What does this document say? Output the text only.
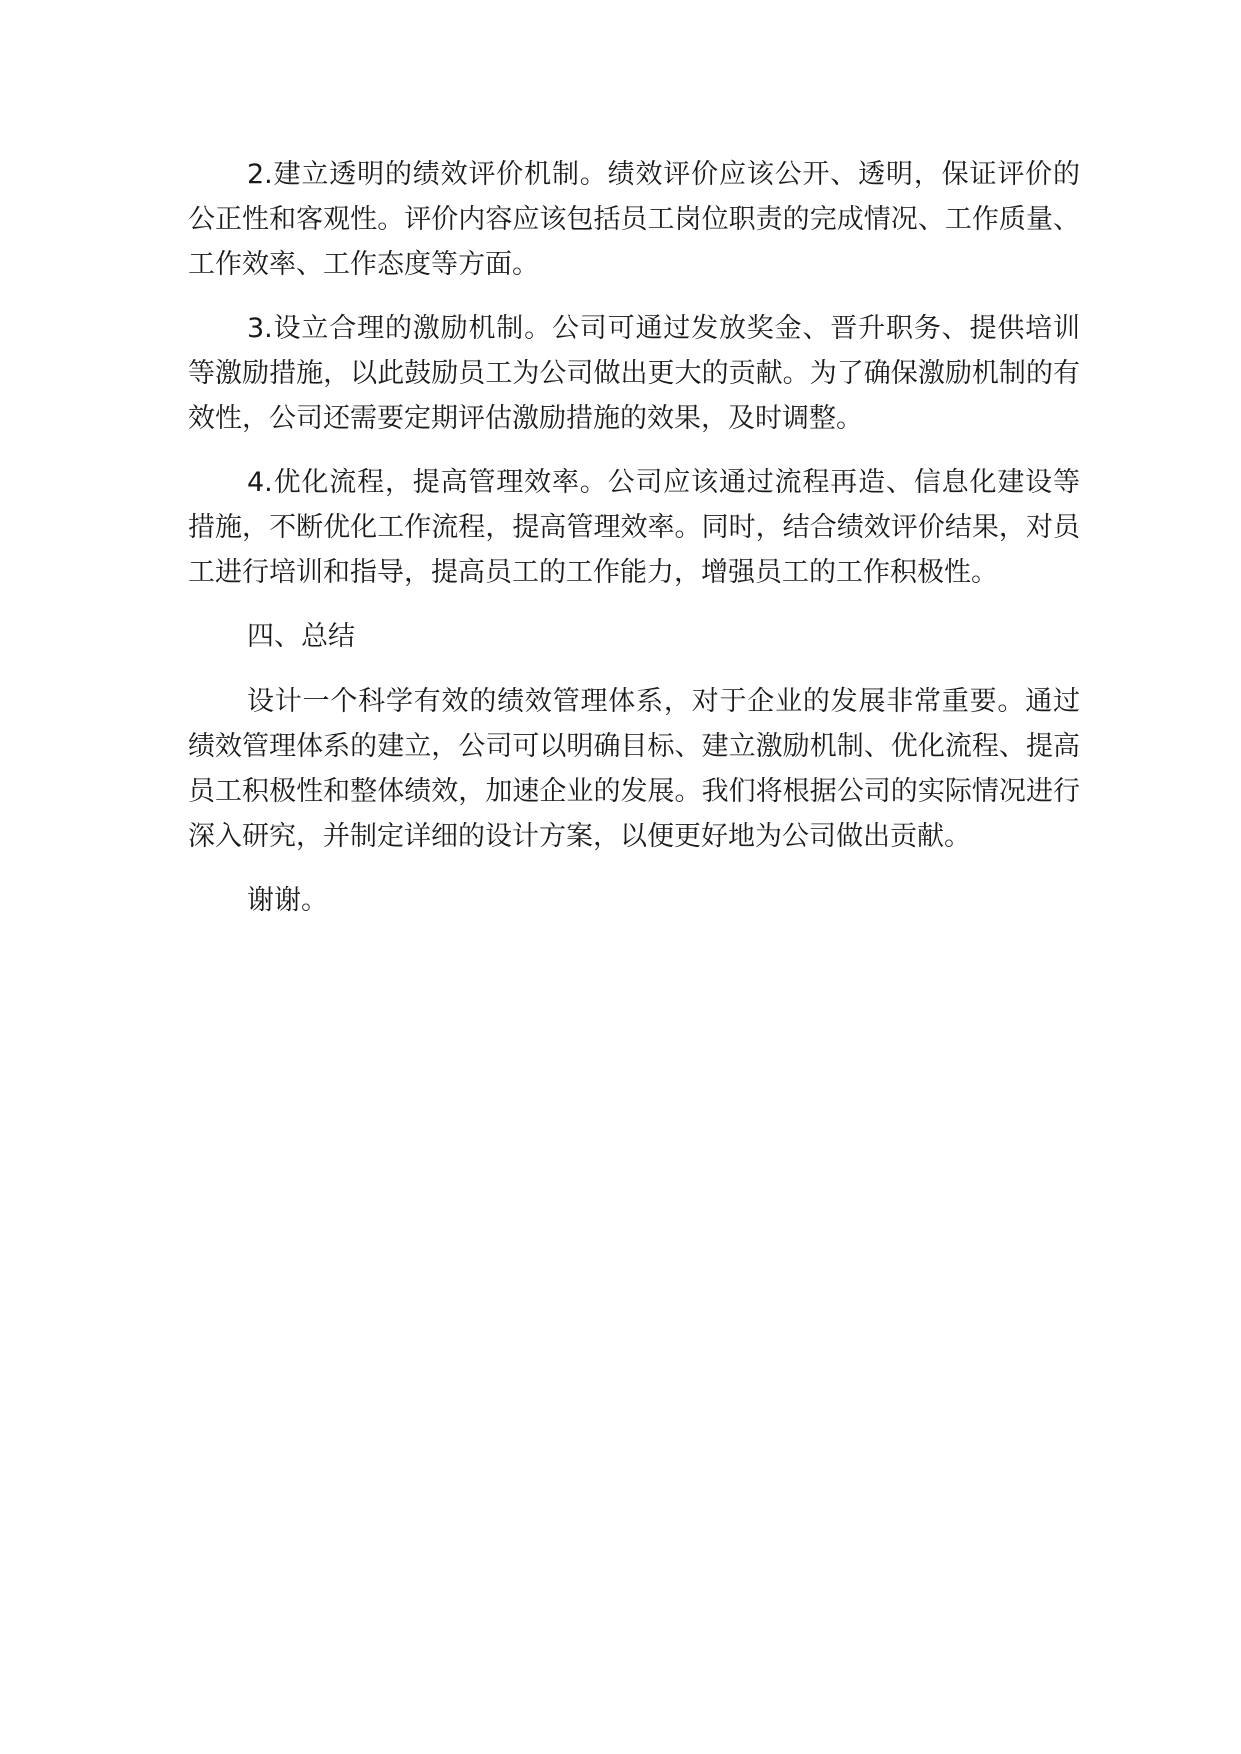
2.建立透明的绩效评价机制。绩效评价应该公开、透明，保证评价的公正性和客观性。评价内容应该包括员工岗位职责的完成情况、工作质量、工作效率、工作态度等方面。

3.设立合理的激励机制。公司可通过发放奖金、晋升职务、提供培训等激励措施，以此鼓励员工为公司做出更大的贡献。为了确保激励机制的有效性，公司还需要定期评估激励措施的效果，及时调整。

4.优化流程，提高管理效率。公司应该通过流程再造、信息化建设等措施，不断优化工作流程，提高管理效率。同时，结合绩效评价结果，对员工进行培训和指导，提高员工的工作能力，增强员工的工作积极性。

四、总结

设计一个科学有效的绩效管理体系，对于企业的发展非常重要。通过绩效管理体系的建立，公司可以明确目标、建立激励机制、优化流程、提高员工积极性和整体绩效，加速企业的发展。我们将根据公司的实际情况进行深入研究，并制定详细的设计方案，以便更好地为公司做出贡献。

谢谢。
